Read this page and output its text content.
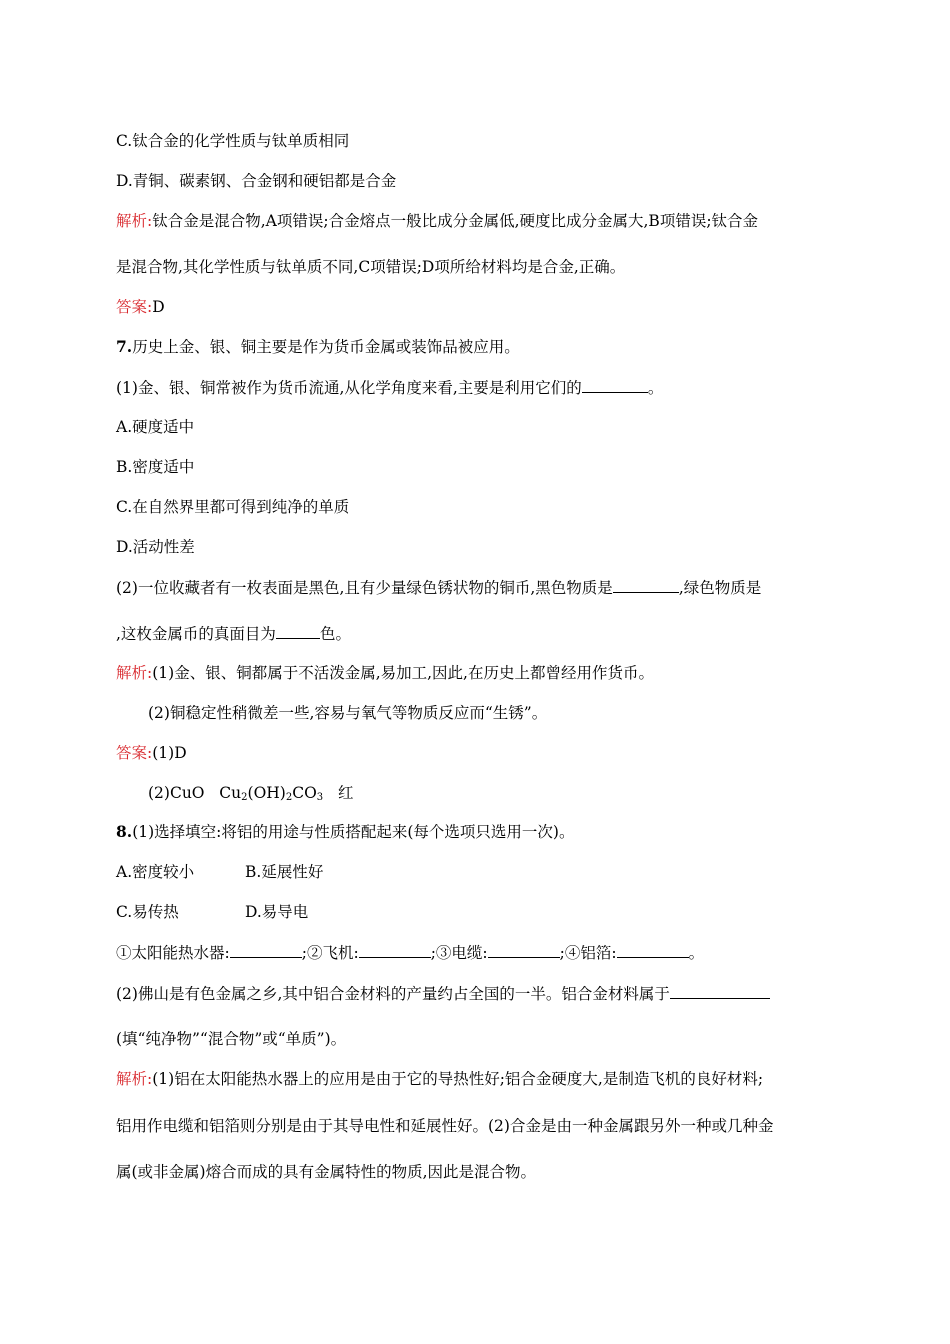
C.钛合金的化学性质与钛单质相同
D.青铜、碳素钢、合金钢和硬铝都是合金
解析:钛合金是混合物,A项错误;合金熔点一般比成分金属低,硬度比成分金属大,B项错误;钛合金
是混合物,其化学性质与钛单质不同,C项错误;D项所给材料均是合金,正确。
答案:D
7.历史上金、银、铜主要是作为货币金属或装饰品被应用。
(1)金、银、铜常被作为货币流通,从化学角度来看,主要是利用它们的	。
A.硬度适中
B.密度适中
C.在自然界里都可得到纯净的单质
D.活动性差
(2)一位收藏者有一枚表面是黑色,且有少量绿色锈状物的铜币,黑色物质是	,绿色物质是
,这枚金属币的真面目为	色。
解析:(1)金、银、铜都属于不活泼金属,易加工,因此,在历史上都曾经用作货币。
(2)铜稳定性稍微差一些,容易与氧气等物质反应而“生锈”。
答案:(1)D
(2)CuO $Cu_2(OH)_2CO_3$ 红
8.(1)选择填空:将铝的用途与性质搭配起来(每个选项只选用一次)。
A.密度较小	B.延展性好
C.易传热	D.易导电
①太阳能热水器:	;②飞机:	;③电缆:	;④铝箔:	。
(2)佛山是有色金属之乡,其中铝合金材料的产量约占全国的一半。铝合金材料属于
(填“纯净物”“混合物”或“单质”)。
解析:(1)铝在太阳能热水器上的应用是由于它的导热性好;铝合金硬度大,是制造飞机的良好材料;
铝用作电缆和铝箔则分别是由于其导电性和延展性好。(2)合金是由一种金属跟另外一种或几种金
属(或非金属)熔合而成的具有金属特性的物质,因此是混合物。
